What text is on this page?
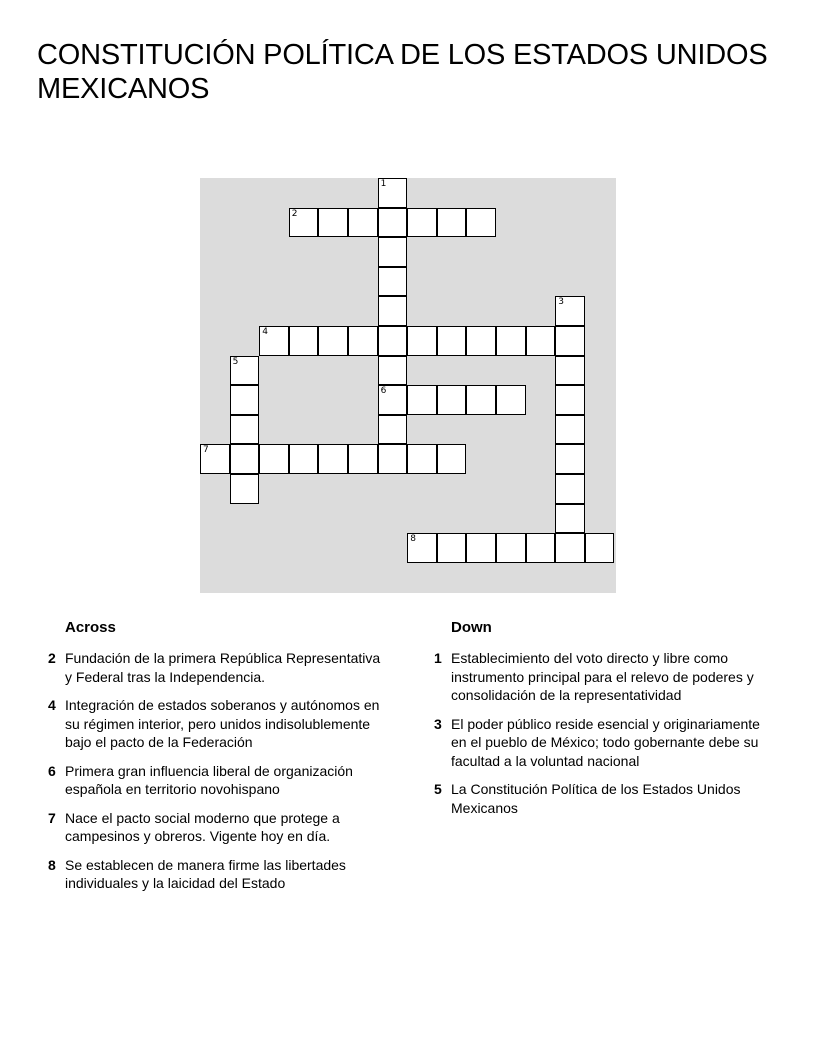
CONSTITUCIÓN POLÍTICA DE LOS ESTADOS UNIDOS MEXICANOS
1
2
3
4
5
6
7
8
Across
2 Fundación de la primera República Representativa y Federal tras la Independencia.
4 Integración de estados soberanos y autónomos en su régimen interior, pero unidos indisolublemente bajo el pacto de la Federación
6 Primera gran influencia liberal de organización española en territorio novohispano
7 Nace el pacto social moderno que protege a campesinos y obreros. Vigente hoy en día.
8 Se establecen de manera firme las libertades individuales y la laicidad del Estado
Down
1 Establecimiento del voto directo y libre como instrumento principal para el relevo de poderes y consolidación de la representatividad
3 El poder público reside esencial y originariamente en el pueblo de México; todo gobernante debe su facultad a la voluntad nacional
5 La Constitución Política de los Estados Unidos Mexicanos
